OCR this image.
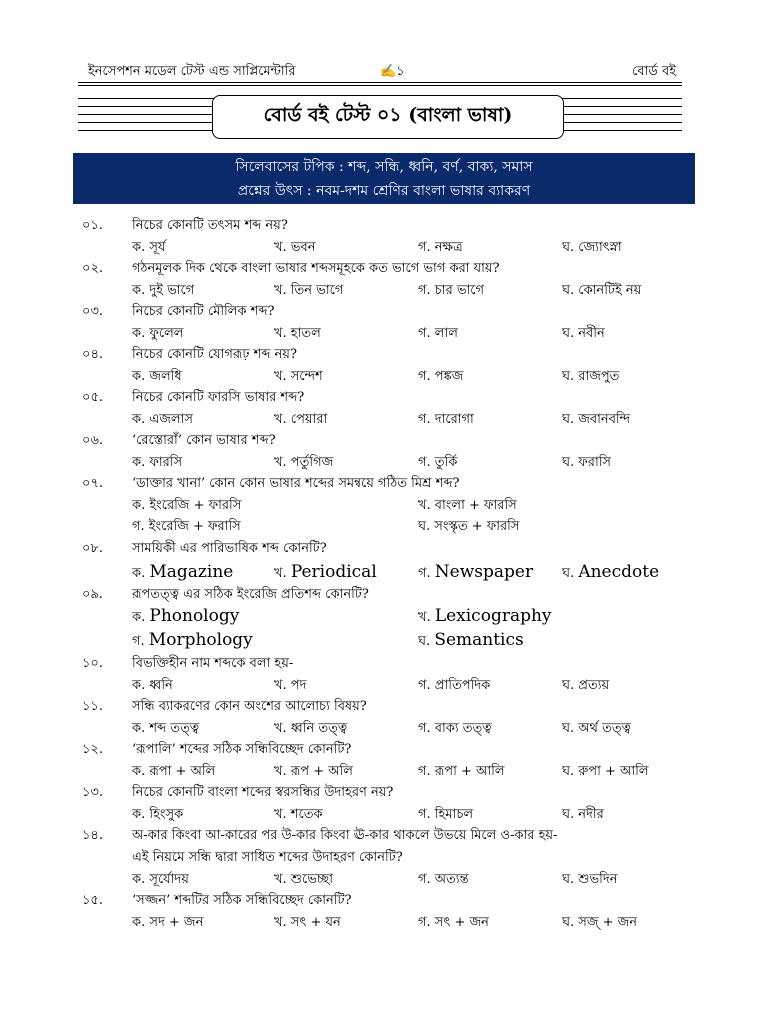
ইনসেপশন মডেল টেস্ট এন্ড সাপ্লিমেন্টারি	✍১	বোর্ড বই
বোর্ড বই টেস্ট ০১ (বাংলা ভাষা)
সিলেবাসের টপিক : শব্দ, সন্ধি, ধ্বনি, বর্ণ, বাক্য, সমাস
প্রশ্নের উৎস : নবম-দশম শ্রেণির বাংলা ভাষার ব্যাকরণ
০১. নিচের কোনটি তৎসম শব্দ নয়?
ক. সূর্য	খ. ভবন	গ. নক্ষত্র	ঘ. জ্যোৎস্না
০২. গঠনমূলক দিক থেকে বাংলা ভাষার শব্দসমূহকে কত ভাগে ভাগ করা যায়?
ক. দুই ভাগে	খ. তিন ভাগে	গ. চার ভাগে	ঘ. কোনটিই নয়
০৩. নিচের কোনটি মৌলিক শব্দ?
ক. ফুলেল	খ. হাতল	গ. লাল	ঘ. নবীন
০৪. নিচের কোনটি যোগরূঢ় শব্দ নয়?
ক. জলধি	খ. সন্দেশ	গ. পঙ্কজ	ঘ. রাজপুত
০৫. নিচের কোনটি ফারসি ভাষার শব্দ?
ক. এজলাস	খ. পেয়ারা	গ. দারোগা	ঘ. জবানবন্দি
০৬. ‘রেস্তোরাঁ’ কোন ভাষার শব্দ?
ক. ফারসি	খ. পর্তুগিজ	গ. তুর্কি	ঘ. ফরাসি
০৭. ‘ডাক্তার খানা’ কোন কোন ভাষার শব্দের সমন্বয়ে গঠিত মিশ্র শব্দ?
ক. ইংরেজি + ফারসি	খ. বাংলা + ফারসি
গ. ইংরেজি + ফরাসি	ঘ. সংস্কৃত + ফারসি
০৮. সাময়িকী এর পারিভাষিক শব্দ কোনটি?
ক. Magazine	খ. Periodical	গ. Newspaper ঘ. Anecdote
০৯. রূপতত্ত্ব এর সঠিক ইংরেজি প্রতিশব্দ কোনটি?
ক. Phonology	খ. Lexicography
গ. Morphology	ঘ. Semantics
১০. বিভক্তিহীন নাম শব্দকে বলা হয়-
ক. ধ্বনি	খ. পদ	গ. প্রাতিপদিক	ঘ. প্রত্যয়
১১. সন্ধি ব্যাকরণের কোন অংশের আলোচ্য বিষয়?
ক. শব্দ তত্ত্ব	খ. ধ্বনি তত্ত্ব	গ. বাক্য তত্ত্ব	ঘ. অর্থ তত্ত্ব
১২. ‘রূপালি’ শব্দের সঠিক সন্ধিবিচ্ছেদ কোনটি?
ক. রূপা + অলি	খ. রূপ + অলি	গ. রূপা + আলি	ঘ. রুপা + আলি
১৩. নিচের কোনটি বাংলা শব্দের স্বরসন্ধির উদাহরণ নয়?
ক. হিংসুক	খ. শতেক	গ. হিমাচল	ঘ. নদীর
১৪. অ-কার কিংবা আ-কারের পর উ-কার কিংবা ঊ-কার থাকলে উভয়ে মিলে ও-কার হয়-
এই নিয়মে সন্ধি দ্বারা সাধিত শব্দের উদাহরণ কোনটি?
ক. সূর্যোদয়	খ. শুভেচ্ছা	গ. অত্যন্ত	ঘ. শুভদিন
১৫. ‘সজ্জন’ শব্দটির সঠিক সন্ধিবিচ্ছেদ কোনটি?
ক. সদ + জন	খ. সৎ + যন	গ. সৎ + জন	ঘ. সজ্ + জন
